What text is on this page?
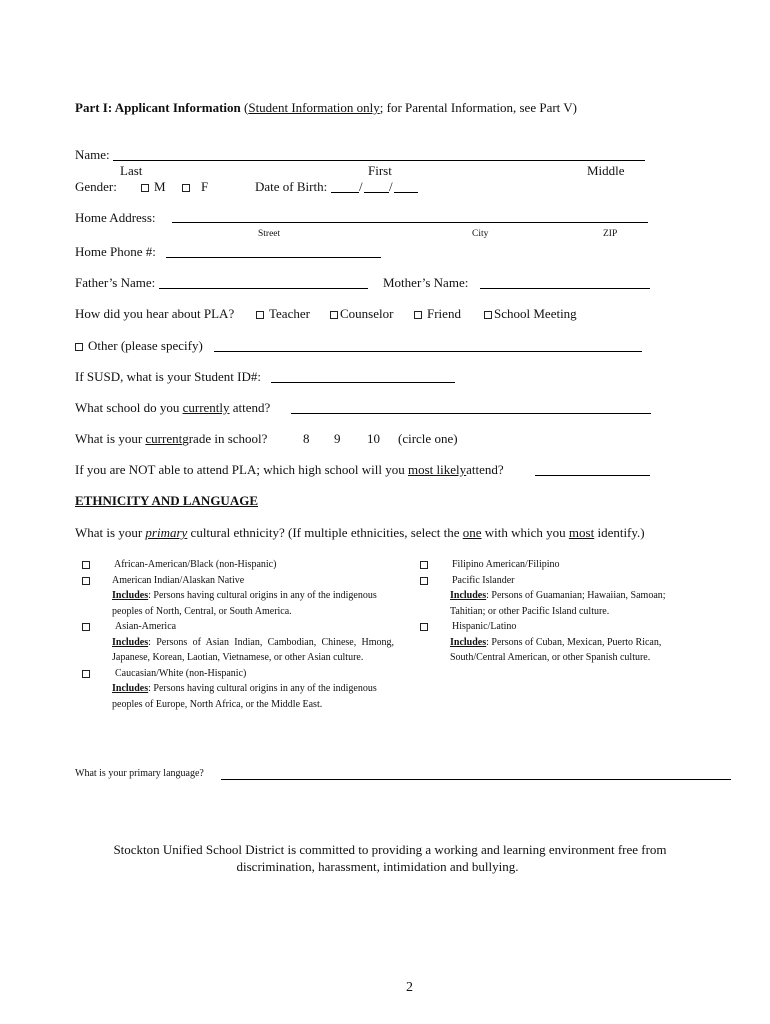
Part I: Applicant Information (Student Information only; for Parental Information, see Part V)
Name:
Last	First	Middle
Gender:	M	F	Date of Birth: / /
Home Address:
Street	City	ZIP
Home Phone #:
Father’s Name:	Mother’s Name:
How did you hear about PLA?	Teacher	Counselor	Friend	School Meeting
Other (please specify)
If SUSD, what is your Student ID#:
What school do you currently attend?
What is your currentgrade in school?	8 9 10 (circle one)
If you are NOT able to attend PLA; which high school will you most likelyattend?
ETHNICITY AND LANGUAGE
What is your primary cultural ethnicity? (If multiple ethnicities, select the one with which you most identify.)
African-American/Black (non-Hispanic)
American Indian/Alaskan Native
Includes: Persons having cultural origins in any of the indigenous peoples of North, Central, or South America.
Asian-America
Includes: Persons of Asian Indian, Cambodian, Chinese, Hmong, Japanese, Korean, Laotian, Vietnamese, or other Asian culture.
Caucasian/White (non-Hispanic)
Includes: Persons having cultural origins in any of the indigenous peoples of Europe, North Africa, or the Middle East.
Filipino American/Filipino
Pacific Islander
Includes: Persons of Guamanian; Hawaiian, Samoan; Tahitian; or other Pacific Island culture.
Hispanic/Latino
Includes: Persons of Cuban, Mexican, Puerto Rican, South/Central American, or other Spanish culture.
What is your primary language?
Stockton Unified School District is committed to providing a working and learning environment free from
discrimination, harassment, intimidation and bullying.
2
